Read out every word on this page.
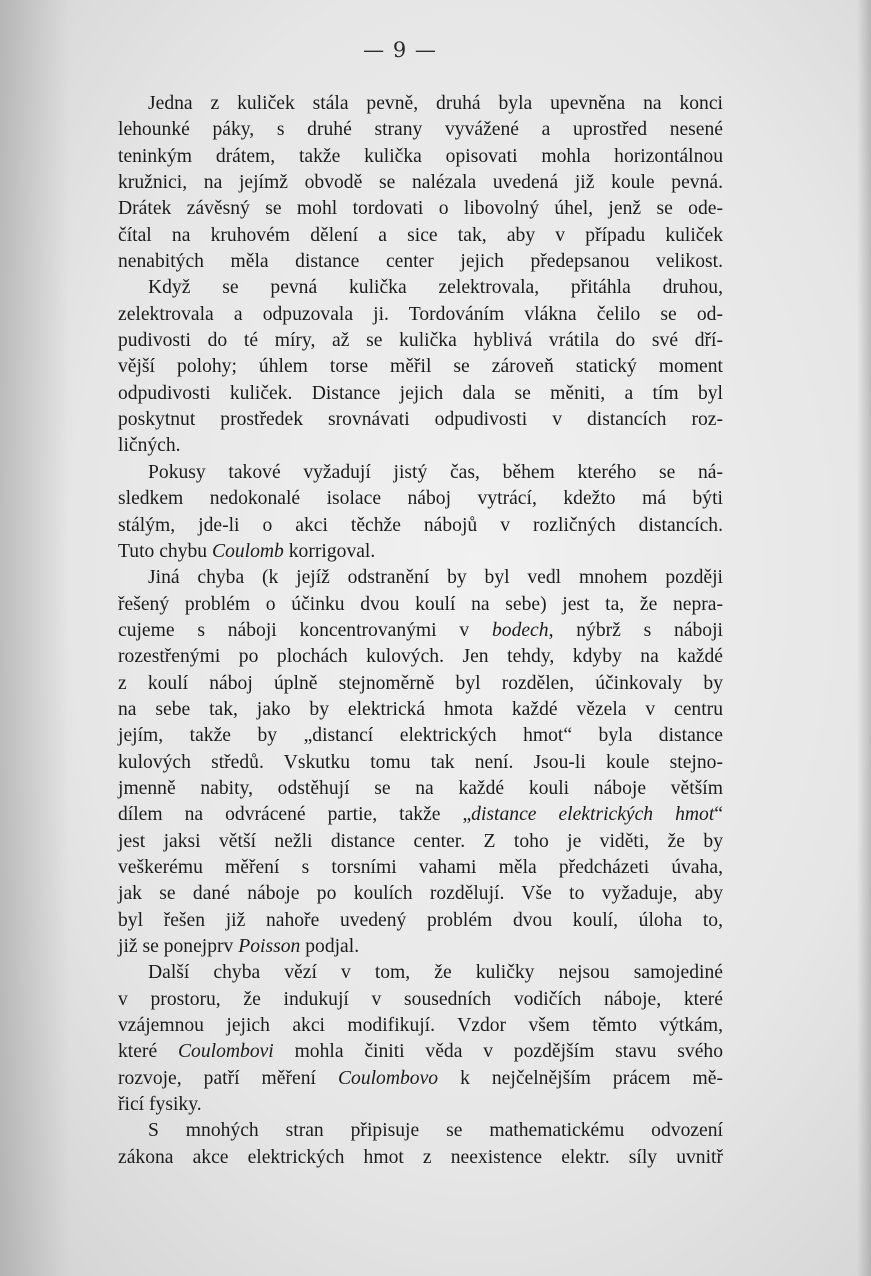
— 9 —
Jedna z kuliček stála pevně, druhá byla upevněna na konci
lehounké páky, s druhé strany vyvážené a uprostřed nesené
teninkým drátem, takže kulička opisovati mohla horizontálnou
kružnici, na jejímž obvodě se nalézala uvedená již koule pevná.
Drátek závěsný se mohl tordovati o libovolný úhel, jenž se ode-
čítal na kruhovém dělení a sice tak, aby v případu kuliček
nenabitých měla distance center jejich předepsanou velikost.
Když se pevná kulička zelektrovala, přitáhla druhou,
zelektrovala a odpuzovala ji. Tordováním vlákna čelilo se od-
pudivosti do té míry, až se kulička hyblivá vrátila do své dří-
vější polohy; úhlem torse měřil se zároveň statický moment
odpudivosti kuliček. Distance jejich dala se měniti, a tím byl
poskytnut prostředek srovnávati odpudivosti v distancích roz-
ličných.
Pokusy takové vyžadují jistý čas, během kterého se ná-
sledkem nedokonalé isolace náboj vytrácí, kdežto má býti
stálým, jde-li o akci těchže nábojů v rozličných distancích.
Tuto chybu Coulomb korrigoval.
Jiná chyba (k jejíž odstranění by byl vedl mnohem později
řešený problém o účinku dvou koulí na sebe) jest ta, že nepra-
cujeme s náboji koncentrovanými v bodech, nýbrž s náboji
rozestřenými po plochách kulových. Jen tehdy, kdyby na každé
z koulí náboj úplně stejnoměrně byl rozdělen, účinkovaly by
na sebe tak, jako by elektrická hmota každé vězela v centru
jejím, takže by „distancí elektrických hmot“ byla distance
kulových středů. Vskutku tomu tak není. Jsou-li koule stejno-
jmenně nabity, odstěhují se na každé kouli náboje větším
dílem na odvrácené partie, takže „distance elektrických hmot“
jest jaksi větší nežli distance center. Z toho je viděti, že by
veškerému měření s torsními vahami měla předcházeti úvaha,
jak se dané náboje po koulích rozdělují. Vše to vyžaduje, aby
byl řešen již nahoře uvedený problém dvou koulí, úloha to,
již se ponejprv Poisson podjal.
Další chyba vězí v tom, že kuličky nejsou samojediné
v prostoru, že indukují v sousedních vodičích náboje, které
vzájemnou jejich akci modifikují. Vzdor všem těmto výtkám,
které Coulombovi mohla činiti věda v pozdějším stavu svého
rozvoje, patří měření Coulombovo k nejčelnějším prácem mě-
řicí fysiky.
S mnohých stran připisuje se mathematickému odvození
zákona akce elektrických hmot z neexistence elektr. síly uvnitř
